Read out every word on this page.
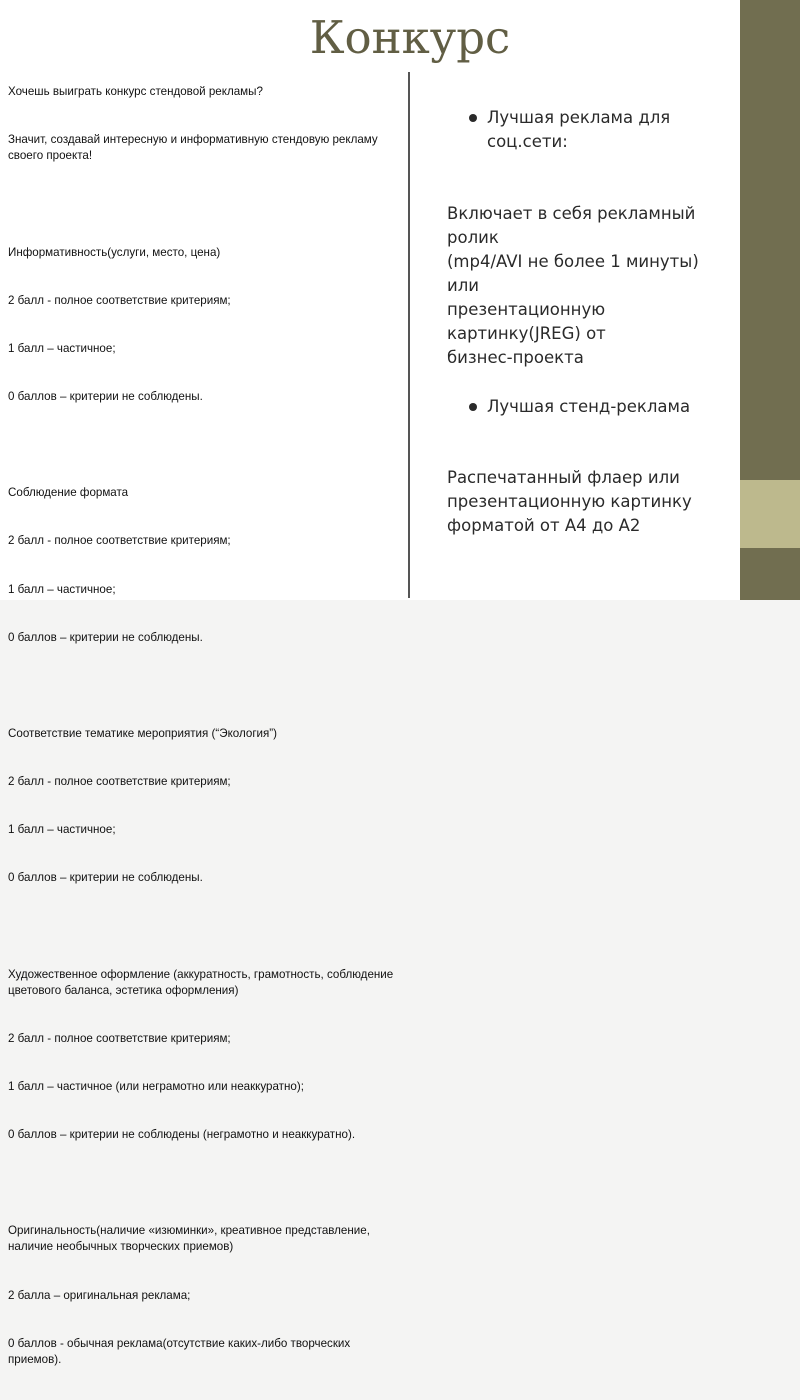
Конкурс

Хочешь выиграть конкурс стендовой рекламы?

Значит, создавай интересную и информативную стендовую рекламу своего проекта!

Информативность(услуги, место, цена)

2 балл - полное соответствие критериям;

1 балл – частичное;

0 баллов – критерии не соблюдены.

Соблюдение формата

2 балл - полное соответствие критериям;

1 балл – частичное;

0 баллов – критерии не соблюдены.

Соответствие тематике мероприятия (“Экология”)

2 балл - полное соответствие критериям;

1 балл – частичное;

0 баллов – критерии не соблюдены.

Художественное оформление (аккуратность, грамотность, соблюдение цветового баланса, эстетика оформления)

2 балл - полное соответствие критериям;

1 балл – частичное (или неграмотно или неаккуратно);

0 баллов – критерии не соблюдены (неграмотно и неаккуратно).

Оригинальность(наличие «изюминки», креативное представление, наличие необычных творческих приемов)

2 балла – оригинальная реклама;

0 баллов - обычная реклама(отсутствие каких-либо творческих приемов).

Лучшая реклама для соц.сети:
Включает в себя рекламный
ролик
(mp4/AVI не более 1 минуты)
или
презентационную
картинку(JREG) от
бизнес-проекта
Лучшая стенд-реклама
Распечатанный флаер или
презентационную картинку
форматой от А4 до А2
